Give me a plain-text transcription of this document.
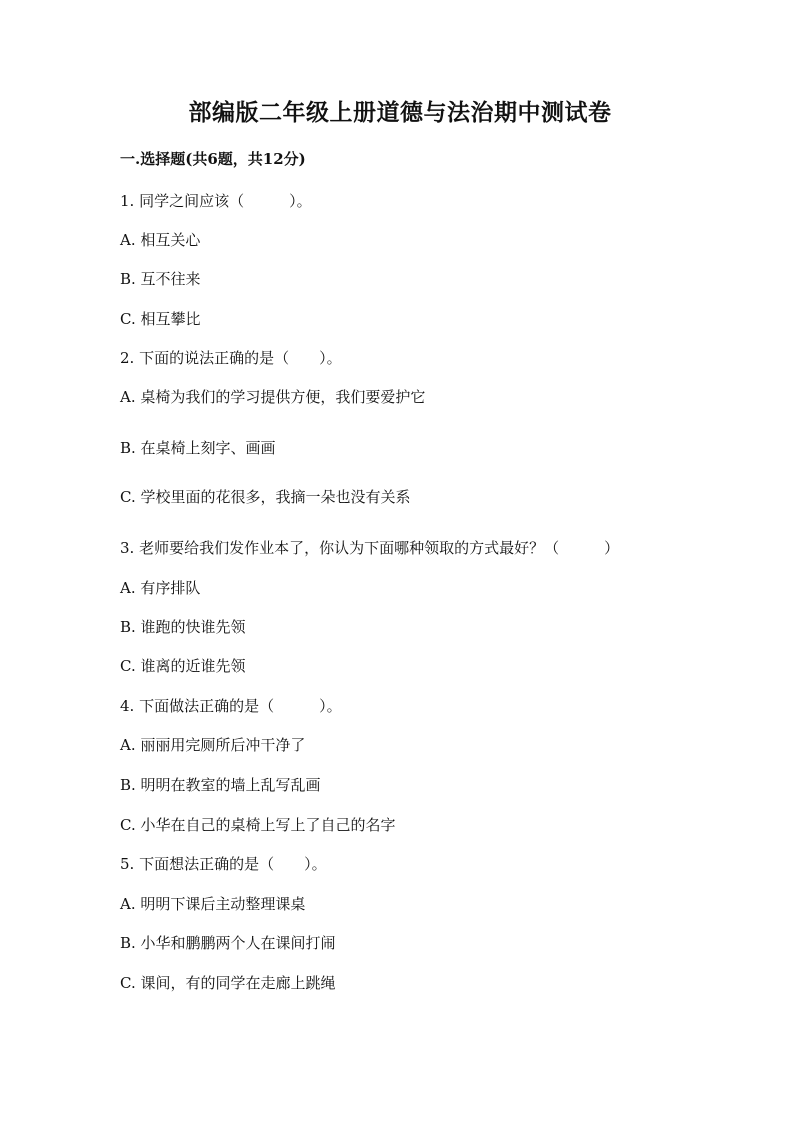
部编版二年级上册道德与法治期中测试卷
一.选择题(共6题，共12分)
1. 同学之间应该（　　　）。
A. 相互关心
B. 互不往来
C. 相互攀比
2. 下面的说法正确的是（　　）。
A. 桌椅为我们的学习提供方便，我们要爱护它
B. 在桌椅上刻字、画画
C. 学校里面的花很多，我摘一朵也没有关系
3. 老师要给我们发作业本了，你认为下面哪种领取的方式最好？（　　　）
A. 有序排队
B. 谁跑的快谁先领
C. 谁离的近谁先领
4. 下面做法正确的是（　　　）。
A. 丽丽用完厕所后冲干净了
B. 明明在教室的墙上乱写乱画
C. 小华在自己的桌椅上写上了自己的名字
5. 下面想法正确的是（　　）。
A. 明明下课后主动整理课桌
B. 小华和鹏鹏两个人在课间打闹
C. 课间，有的同学在走廊上跳绳
